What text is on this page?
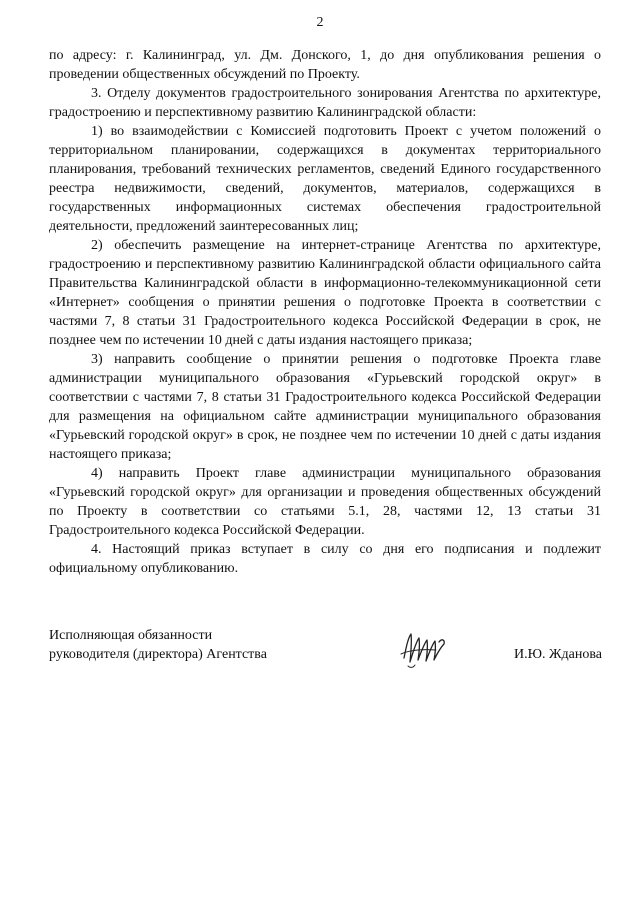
2

по адресу: г. Калининград, ул. Дм. Донского, 1, до дня опубликования решения о проведении общественных обсуждений по Проекту.

3. Отделу документов градостроительного зонирования Агентства по архитектуре, градостроению и перспективному развитию Калининградской области:

1) во взаимодействии с Комиссией подготовить Проект с учетом положений о территориальном планировании, содержащихся в документах территориального планирования, требований технических регламентов, сведений Единого государственного реестра недвижимости, сведений, документов, материалов, содержащихся в государственных информационных системах обеспечения градостроительной деятельности, предложений заинтересованных лиц;

2) обеспечить размещение на интернет-странице Агентства по архитектуре, градостроению и перспективному развитию Калининградской области официального сайта Правительства Калининградской области в информационно-телекоммуникационной сети «Интернет» сообщения о принятии решения о подготовке Проекта в соответствии с частями 7, 8 статьи 31 Градостроительного кодекса Российской Федерации в срок, не позднее чем по истечении 10 дней с даты издания настоящего приказа;

3) направить сообщение о принятии решения о подготовке Проекта главе администрации муниципального образования «Гурьевский городской округ» в соответствии с частями 7, 8 статьи 31 Градостроительного кодекса Российской Федерации для размещения на официальном сайте администрации муниципального образования «Гурьевский городской округ» в срок, не позднее чем по истечении 10 дней с даты издания настоящего приказа;

4) направить Проект главе администрации муниципального образования «Гурьевский городской округ» для организации и проведения общественных обсуждений по Проекту в соответствии со статьями 5.1, 28, частями 12, 13 статьи 31 Градостроительного кодекса Российской Федерации.

4. Настоящий приказ вступает в силу со дня его подписания и подлежит официальному опубликованию.

Исполняющая обязанности
руководителя (директора) Агентства	И.Ю. Жданова
